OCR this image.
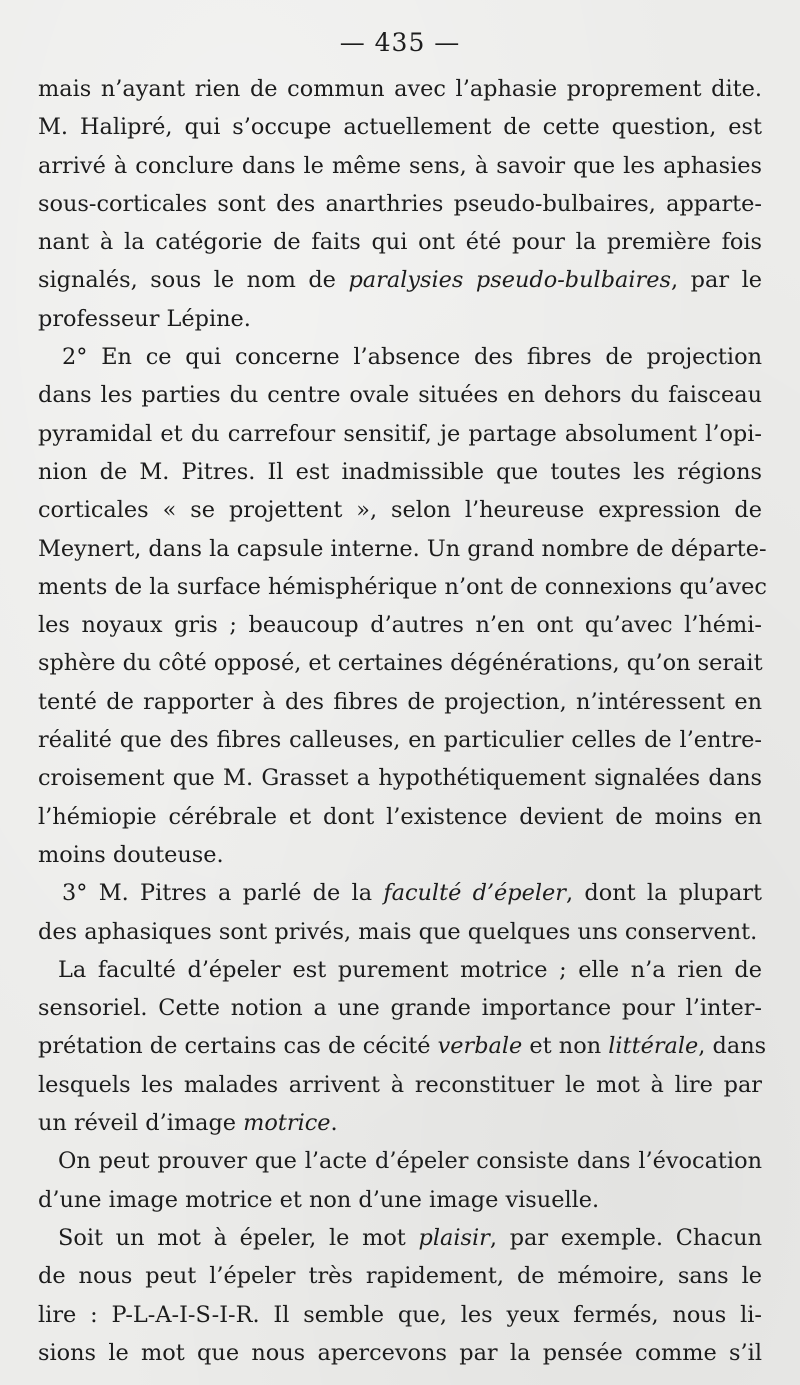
— 435 —
mais n’ayant rien de commun avec l’aphasie proprement dite.
M. Halipré, qui s’occupe actuellement de cette question, est
arrivé à conclure dans le même sens, à savoir que les aphasies
sous-corticales sont des anarthries pseudo-bulbaires, apparte-
nant à la catégorie de faits qui ont été pour la première fois
signalés, sous le nom de paralysies pseudo-bulbaires, par le
professeur Lépine.
2° En ce qui concerne l’absence des fibres de projection
dans les parties du centre ovale situées en dehors du faisceau
pyramidal et du carrefour sensitif, je partage absolument l’opi-
nion de M. Pitres. Il est inadmissible que toutes les régions
corticales « se projettent », selon l’heureuse expression de
Meynert, dans la capsule interne. Un grand nombre de départe-
ments de la surface hémisphérique n’ont de connexions qu’avec
les noyaux gris ; beaucoup d’autres n’en ont qu’avec l’hémi-
sphère du côté opposé, et certaines dégénérations, qu’on serait
tenté de rapporter à des fibres de projection, n’intéressent en
réalité que des fibres calleuses, en particulier celles de l’entre-
croisement que M. Grasset a hypothétiquement signalées dans
l’hémiopie cérébrale et dont l’existence devient de moins en
moins douteuse.
3° M. Pitres a parlé de la faculté d’épeler, dont la plupart
des aphasiques sont privés, mais que quelques uns conservent.
La faculté d’épeler est purement motrice ; elle n’a rien de
sensoriel. Cette notion a une grande importance pour l’inter-
prétation de certains cas de cécité verbale et non littérale, dans
lesquels les malades arrivent à reconstituer le mot à lire par
un réveil d’image motrice.
On peut prouver que l’acte d’épeler consiste dans l’évocation
d’une image motrice et non d’une image visuelle.
Soit un mot à épeler, le mot plaisir, par exemple. Chacun
de nous peut l’épeler très rapidement, de mémoire, sans le
lire : P-L-A-I-S-I-R. Il semble que, les yeux fermés, nous li-
sions le mot que nous apercevons par la pensée comme s’il
